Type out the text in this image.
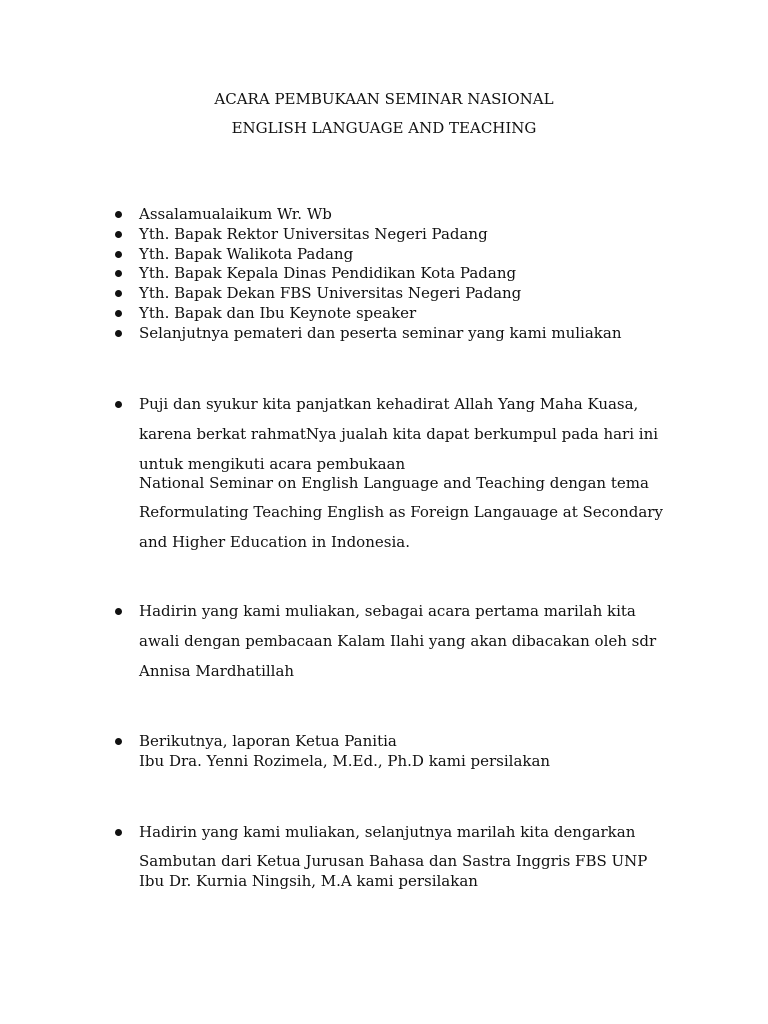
ACARA PEMBUKAAN SEMINAR NASIONAL
ENGLISH LANGUAGE AND TEACHING
Assalamualaikum Wr. Wb
Yth. Bapak Rektor Universitas Negeri Padang
Yth. Bapak Walikota Padang
Yth. Bapak Kepala Dinas Pendidikan Kota Padang
Yth. Bapak Dekan FBS Universitas Negeri Padang
Yth. Bapak dan Ibu Keynote speaker
Selanjutnya pemateri dan peserta seminar yang kami muliakan
Puji dan syukur kita panjatkan kehadirat Allah Yang Maha Kuasa,
karena berkat rahmatNya jualah kita dapat berkumpul pada hari ini
untuk mengikuti acara pembukaan
National Seminar on English Language and Teaching dengan tema
Reformulating Teaching English as Foreign Langauage at Secondary
and Higher Education in Indonesia.
Hadirin yang kami muliakan, sebagai acara pertama marilah kita
awali dengan pembacaan Kalam Ilahi yang akan dibacakan oleh sdr
Annisa Mardhatillah
Berikutnya, laporan Ketua Panitia
Ibu Dra. Yenni Rozimela, M.Ed., Ph.D kami persilakan
Hadirin yang kami muliakan, selanjutnya marilah kita dengarkan
Sambutan dari Ketua Jurusan Bahasa dan Sastra Inggris FBS UNP
Ibu Dr. Kurnia Ningsih, M.A kami persilakan
